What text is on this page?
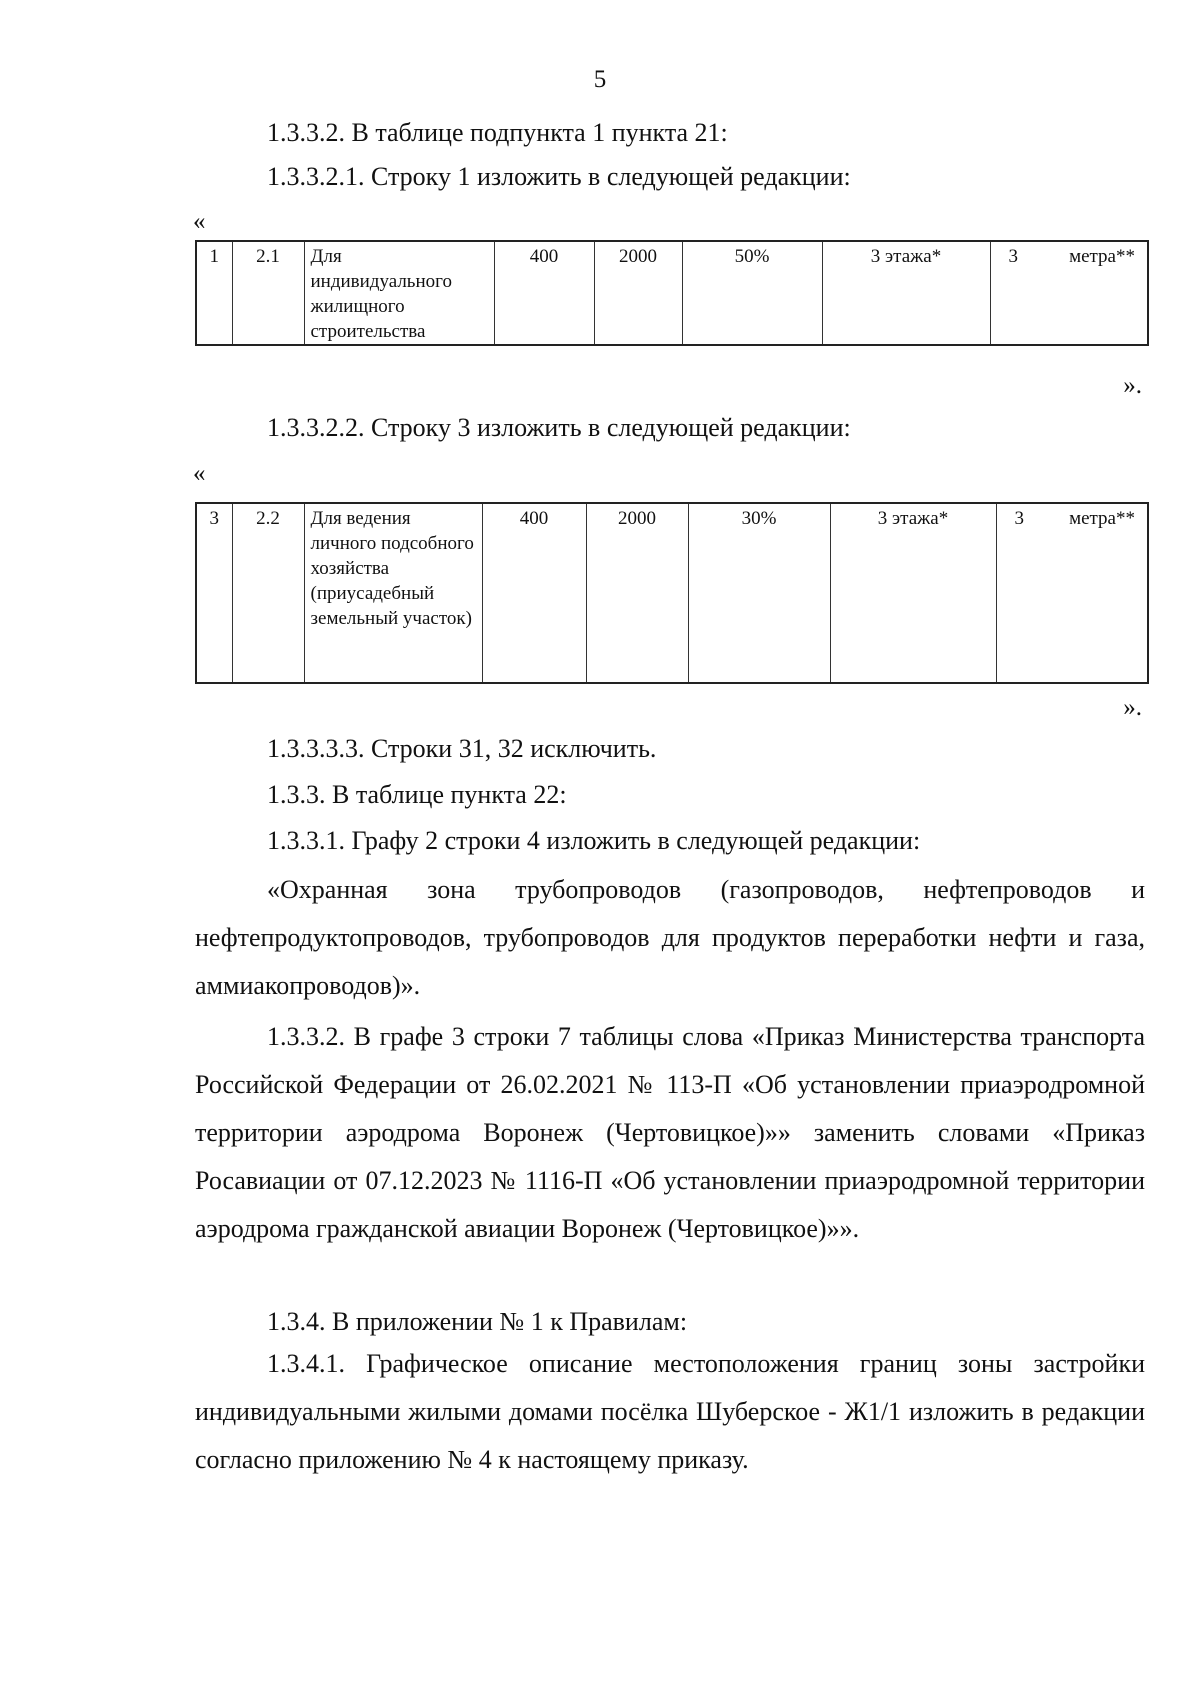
5

1.3.3.2. В таблице подпункта 1 пункта 21:

1.3.3.2.1. Строку 1 изложить в следующей редакции:

«
1	2.1	Для индивидуального жилищного строительства	400	2000	50%	3 этажа*	3	метра**
».

1.3.3.2.2. Строку 3 изложить в следующей редакции:

«
3	2.2	Для ведения личного подсобного хозяйства (приусадебный земельный участок)	400	2000	30%	3 этажа*	3 метра**
».

1.3.3.3.3. Строки 31, 32 исключить.

1.3.3. В таблице пункта 22:

1.3.3.1. Графу 2 строки 4 изложить в следующей редакции:

«Охранная зона трубопроводов (газопроводов, нефтепроводов и нефтепродуктопроводов, трубопроводов для продуктов переработки нефти и газа, аммиакопроводов)».

1.3.3.2. В графе 3 строки 7 таблицы слова «Приказ Министерства транспорта Российской Федерации от 26.02.2021 № 113-П «Об установлении приаэродромной территории аэродрома Воронеж (Чертовицкое)»» заменить словами «Приказ Росавиации от 07.12.2023 № 1116-П «Об установлении приаэродромной территории аэродрома гражданской авиации Воронеж (Чертовицкое)»».

1.3.4. В приложении № 1 к Правилам:

1.3.4.1. Графическое описание местоположения границ зоны застройки индивидуальными жилыми домами посёлка Шуберское - Ж1/1 изложить в редакции согласно приложению № 4 к настоящему приказу.
